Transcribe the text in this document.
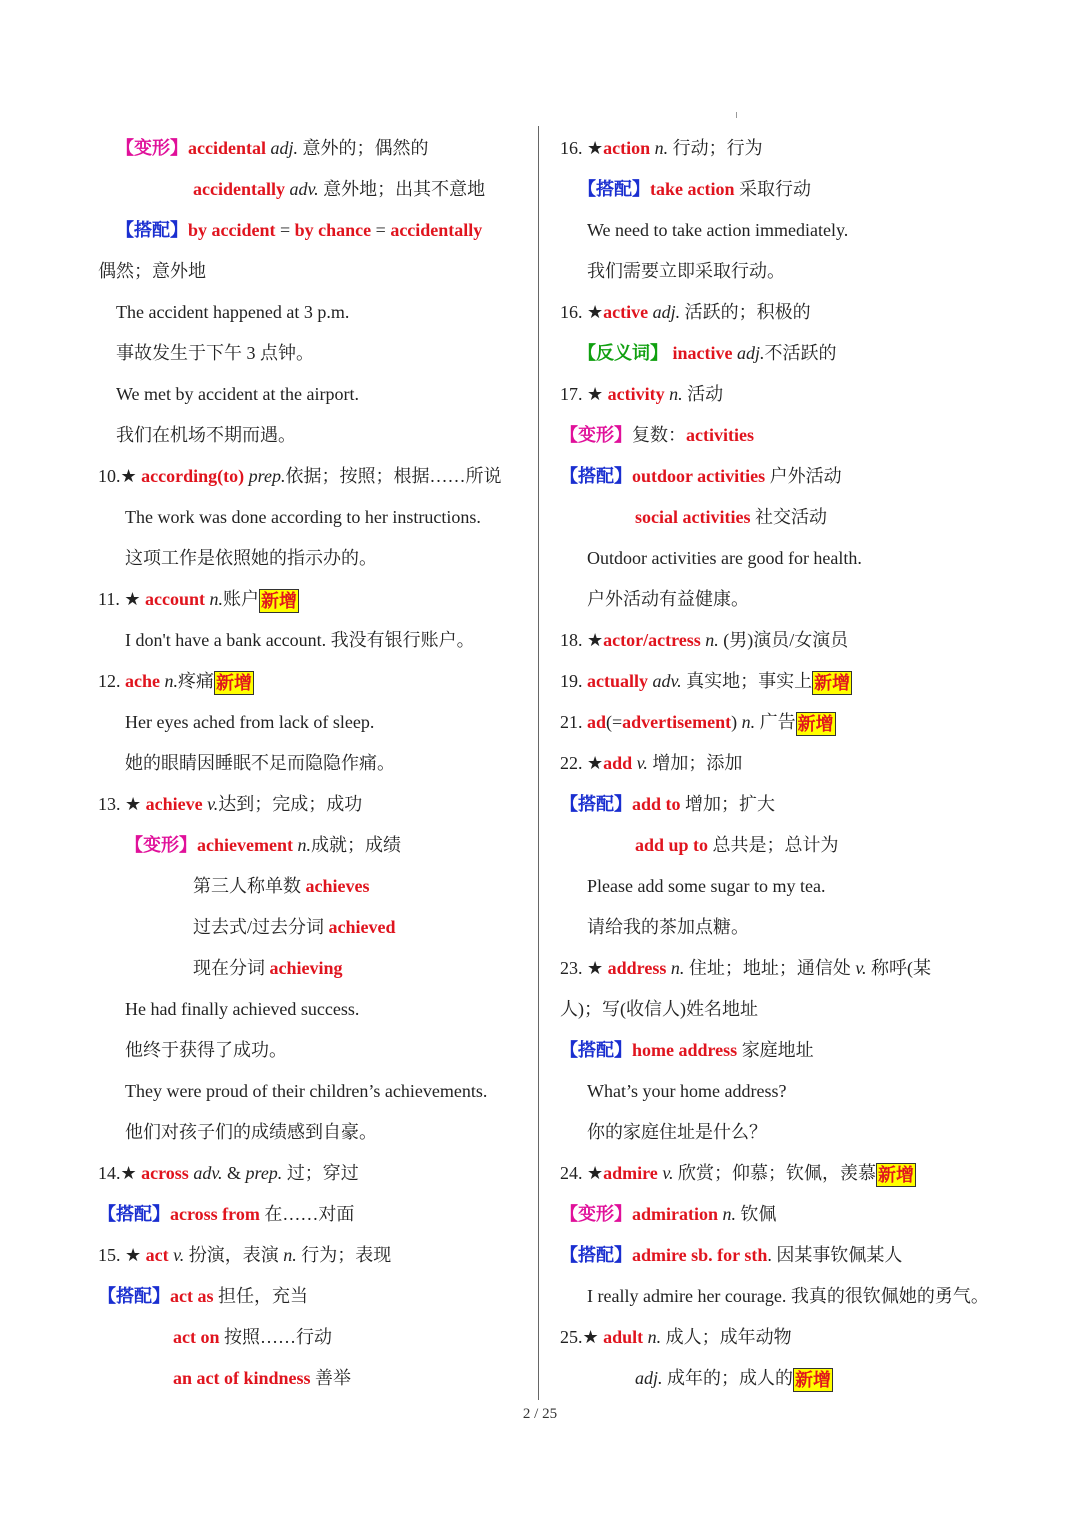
【变形】accidental adj. 意外的；偶然的
accidentally adv. 意外地；出其不意地
【搭配】by accident = by chance = accidentally
偶然；意外地
The accident happened at 3 p.m.
事故发生于下午 3 点钟。
We met by accident at the airport.
我们在机场不期而遇。
10.★ according(to) prep.依据；按照；根据……所说
The work was done according to her instructions.
这项工作是依照她的指示办的。
11. ★ account n.账户 新增
I don't have a bank account. 我没有银行账户。
12. ache n.疼痛 新增
Her eyes ached from lack of sleep.
她的眼睛因睡眠不足而隐隐作痛。
13. ★ achieve v.达到；完成；成功
【变形】achievement n.成就；成绩
第三人称单数 achieves
过去式/过去分词 achieved
现在分词 achieving
He had finally achieved success.
他终于获得了成功。
They were proud of their children’s achievements.
他们对孩子们的成绩感到自豪。
14.★ across adv. & prep. 过；穿过
【搭配】across from 在……对面
15. ★ act v. 扮演，表演 n. 行为；表现
【搭配】act as 担任，充当
act on 按照……行动
an act of kindness 善举
16. ★action n. 行动；行为
【搭配】take action 采取行动
We need to take action immediately.
我们需要立即采取行动。
16. ★active adj. 活跃的；积极的
【反义词】 inactive adj.不活跃的
17. ★ activity n. 活动
【变形】复数：activities
【搭配】outdoor activities 户外活动
social activities 社交活动
Outdoor activities are good for health.
户外活动有益健康。
18. ★actor/actress n. (男)演员/女演员
19. actually adv. 真实地；事实上 新增
21. ad(=advertisement) n. 广告 新增
22. ★add v. 增加；添加
【搭配】add to 增加；扩大
add up to 总共是；总计为
Please add some sugar to my tea.
请给我的茶加点糖。
23. ★ address n. 住址；地址；通信处 v. 称呼(某
人)；写(收信人)姓名地址
【搭配】home address 家庭地址
What’s your home address?
你的家庭住址是什么？
24. ★admire v. 欣赏；仰慕；钦佩，羡慕 新增
【变形】admiration n. 钦佩
【搭配】admire sb. for sth. 因某事钦佩某人
I really admire her courage. 我真的很钦佩她的勇气。
25.★ adult n. 成人；成年动物
adj. 成年的；成人的 新增
2 / 25
